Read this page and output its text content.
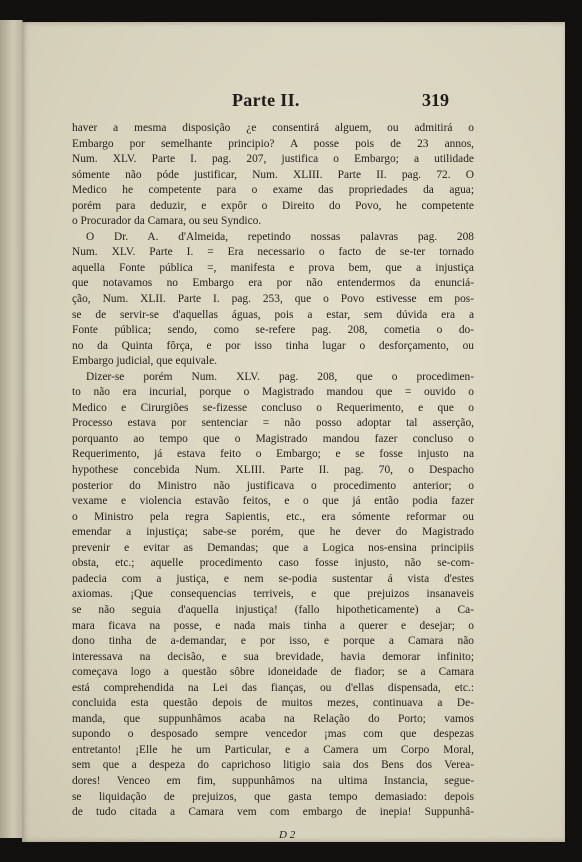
Parte II.	319
haver a mesma disposição ¿e consentirá alguem, ou admitirá o
Embargo por semelhante principio? A posse pois de 23 annos,
Num. XLV. Parte I. pag. 207, justifica o Embargo; a utilidade
sómente não póde justificar, Num. XLIII. Parte II. pag. 72. O
Medico he competente para o exame das propriedades da agua;
porém para deduzir, e expôr o Direito do Povo, he competente
o Procurador da Camara, ou seu Syndico.
O Dr. A. d'Almeida, repetindo nossas palavras pag. 208
Num. XLV. Parte I. = Era necessario o facto de se-ter tornado
aquella Fonte pública =, manifesta e prova bem, que a injustiça
que notavamos no Embargo era por não entendermos da enunciá-
ção, Num. XLII. Parte I. pag. 253, que o Povo estivesse em pos-
se de servir-se d'aquellas águas, pois a estar, sem dúvida era a
Fonte pública; sendo, como se-refere pag. 208, cometia o do-
no da Quinta fôrça, e por isso tinha lugar o desforçamento, ou
Embargo judicial, que equivale.
Dizer-se porém Num. XLV. pag. 208, que o procedimen-
to não era incurial, porque o Magistrado mandou que = ouvido o
Medico e Cirurgiões se-fizesse concluso o Requerimento, e que o
Processo estava por sentenciar = não posso adoptar tal asserção,
porquanto ao tempo que o Magistrado mandou fazer concluso o
Requerimento, já estava feito o Embargo; e se fosse injusto na
hypothese concebida Num. XLIII. Parte II. pag. 70, o Despacho
posterior do Ministro não justificava o procedimento anterior; o
vexame e violencia estavão feitos, e o que já então podia fazer
o Ministro pela regra Sapientis, etc., era sómente reformar ou
emendar a injustiça; sabe-se porém, que he dever do Magistrado
prevenir e evitar as Demandas; que a Logica nos-ensina principiis
obsta, etc.; aquelle procedimento caso fosse injusto, não se-com-
padecia com a justiça, e nem se-podia sustentar á vista d'estes
axiomas. ¡Que consequencias terriveis, e que prejuizos insanaveis
se não seguia d'aquella injustiça! (fallo hipotheticamente) a Ca-
mara ficava na posse, e nada mais tinha a querer e desejar; o
dono tinha de a-demandar, e por isso, e porque a Camara não
interessava na decisão, e sua brevidade, havia demorar infinito;
começava logo a questão sôbre idoneidade de fiador; se a Camara
está comprehendida na Lei das fianças, ou d'ellas dispensada, etc.:
concluida esta questão depois de muitos mezes, continuava a De-
manda, que suppunhâmos acaba na Relação do Porto; vamos
supondo o desposado sempre vencedor ¡mas com que despezas
entretanto! ¡Elle he um Particular, e a Camera um Corpo Moral,
sem que a despeza do caprichoso litigio saia dos Bens dos Verea-
dores! Venceo em fim, suppunhâmos na ultima Instancia, segue-
se liquidação de prejuizos, que gasta tempo demasiado: depois
de tudo citada a Camara vem com embargo de inepia! Suppunhâ-
D 2
